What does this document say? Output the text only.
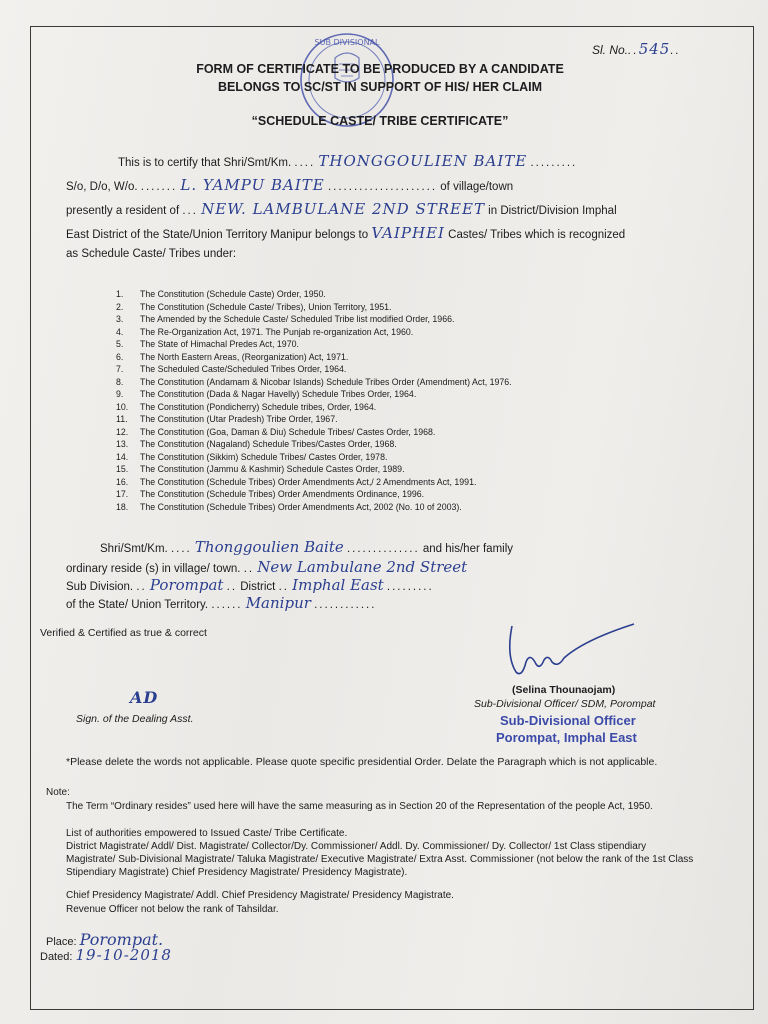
SUB DIVISIONAL
Sl. No...545..
FORM OF CERTIFICATE TO BE PRODUCED BY A CANDIDATE
BELONGS TO SC/ST IN SUPPORT OF HIS/ HER CLAIM
“SCHEDULE CASTE/ TRIBE CERTIFICATE”
This is to certify that Shri/Smt/Km. .... THONGGOULIEN BAITE .........
S/o, D/o, W/o. ....... L. YAMPU BAITE ..................... of village/town
presently a resident of ... NEW. LAMBULANE 2ND STREET in District/Division Imphal
East District of the State/Union Territory Manipur belongs to VAIPHEI Castes/ Tribes which is recognized
as Schedule Caste/ Tribes under:
1. The Constitution (Schedule Caste) Order, 1950.
2. The Constitution (Schedule Caste/ Tribes), Union Territory, 1951.
3. The Amended by the Schedule Caste/ Scheduled Tribe list modified Order, 1966.
4. The Re-Organization Act, 1971. The Punjab re-organization Act, 1960.
5. The State of Himachal Predes Act, 1970.
6. The North Eastern Areas, (Reorganization) Act, 1971.
7. The Scheduled Caste/Scheduled Tribes Order, 1964.
8. The Constitution (Andamam & Nicobar Islands) Schedule Tribes Order (Amendment) Act, 1976.
9. The Constitution (Dada & Nagar Havelly) Schedule Tribes Order, 1964.
10. The Constitution (Pondicherry) Schedule tribes, Order, 1964.
11. The Constitution (Utar Pradesh) Tribe Order, 1967.
12. The Constitution (Goa, Daman & Diu) Schedule Tribes/ Castes Order, 1968.
13. The Constitution (Nagaland) Schedule Tribes/Castes Order, 1968.
14. The Constitution (Sikkim) Schedule Tribes/ Castes Order, 1978.
15. The Constitution (Jammu & Kashmir) Schedule Castes Order, 1989.
16. The Constitution (Schedule Tribes) Order Amendments Act,/ 2 Amendments Act, 1991.
17. The Constitution (Schedule Tribes) Order Amendments Ordinance, 1996.
18. The Constitution (Schedule Tribes) Order Amendments Act, 2002 (No. 10 of 2003).
Shri/Smt/Km. .... Thonggoulien Baite .............. and his/her family
ordinary reside (s) in village/ town. .. New Lambulane 2nd Street
Sub Division. .. Porompat .. District .. Imphal East .........
of the State/ Union Territory. ...... Manipur ............
Verified & Certified as true & correct
(Selina Thounaojam)
Sub-Divisional Officer/ SDM, Porompat
Sub-Divisional Officer
Porompat, Imphal East
AD
Sign. of the Dealing Asst.
*Please delete the words not applicable. Please quote specific presidential Order. Delate the Paragraph which is not applicable.
Note:
The Term “Ordinary resides” used here will have the same measuring as in Section 20 of the Representation of the people Act, 1950.
List of authorities empowered to Issued Caste/ Tribe Certificate.
District Magistrate/ Addl/ Dist. Magistrate/ Collector/Dy. Commissioner/ Addl. Dy. Commissioner/ Dy. Collector/ 1st Class stipendiary Magistrate/ Sub-Divisional Magistrate/ Taluka Magistrate/ Executive Magistrate/ Extra Asst. Commissioner (not below the rank of the 1st Class Stipendiary Magistrate) Chief Presidency Magistrate/ Presidency Magistrate).
Chief Presidency Magistrate/ Addl. Chief Presidency Magistrate/ Presidency Magistrate.
Revenue Officer not below the rank of Tahsildar.
Place: Porompat.
Dated: 19-10-2018
